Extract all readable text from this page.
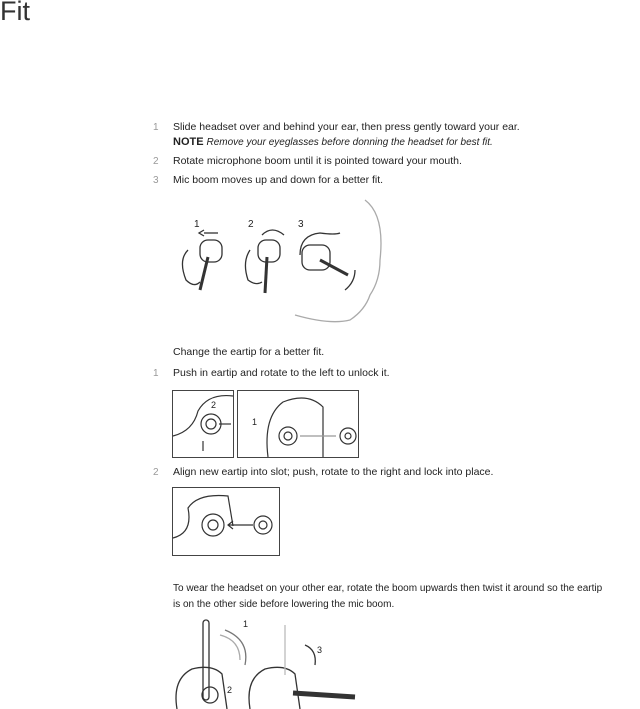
Fit
1 Slide headset over and behind your ear, then press gently toward your ear.
NOTE Remove your eyeglasses before donning the headset for best fit.
2 Rotate microphone boom until it is pointed toward your mouth.
3 Mic boom moves up and down for a better fit.
1	2	3
Change the eartip for a better fit.
1 Push in eartip and rotate to the left to unlock it.
2
1
2 Align new eartip into slot; push, rotate to the right and lock into place.
To wear the headset on your other ear, rotate the boom upwards then twist it around so the eartip
is on the other side before lowering the mic boom.
1
2
3
